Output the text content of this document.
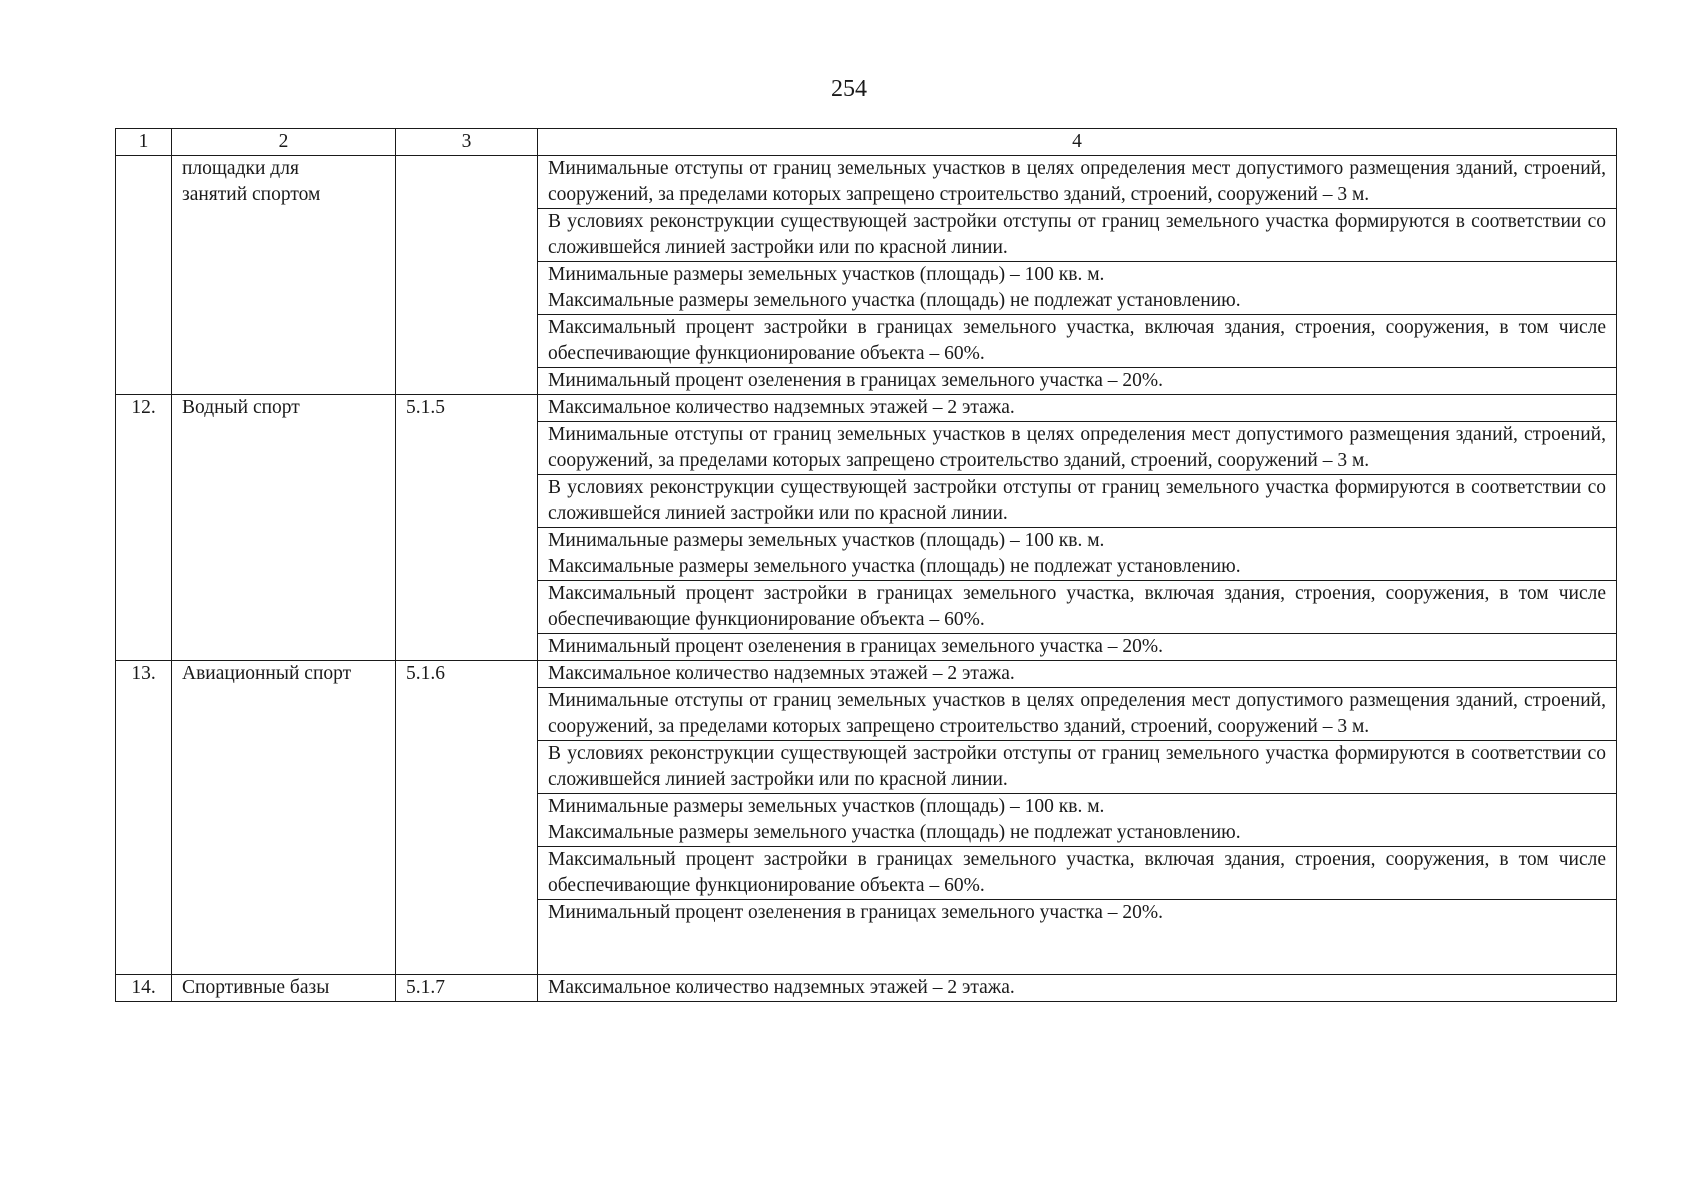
254
1	2	3	4

	площадки для
занятий спортом		Минимальные отступы от границ земельных участков в целях определения мест допустимого размещения зданий, строений, сооружений, за пределами которых запрещено строительство зданий, строений, сооружений – 3 м.
			В условиях реконструкции существующей застройки отступы от границ земельного участка формируются в соответствии со сложившейся линией застройки или по красной линии.

			Минимальные размеры земельных участков (площадь) – 100 кв. м.
Максимальные размеры земельного участка (площадь) не подлежат установлению.

			Максимальный процент застройки в границах земельного участка, включая здания, строения, сооружения, в том числе обеспечивающие функционирование объекта – 60%.
			Минимальный процент озеленения в границах земельного участка – 20%.
12.	Водный спорт	5.1.5	Максимальное количество надземных этажей – 2 этажа.
			Минимальные отступы от границ земельных участков в целях определения мест допустимого размещения зданий, строений, сооружений, за пределами которых запрещено строительство зданий, строений, сооружений – 3 м.
			В условиях реконструкции существующей застройки отступы от границ земельного участка формируются в соответствии со сложившейся линией застройки или по красной линии.

			Минимальные размеры земельных участков (площадь) – 100 кв. м.
Максимальные размеры земельного участка (площадь) не подлежат установлению.

			Максимальный процент застройки в границах земельного участка, включая здания, строения, сооружения, в том числе обеспечивающие функционирование объекта – 60%.
			Минимальный процент озеленения в границах земельного участка – 20%.
13.	Авиационный спорт	5.1.6	Максимальное количество надземных этажей – 2 этажа.
			Минимальные отступы от границ земельных участков в целях определения мест допустимого размещения зданий, строений, сооружений, за пределами которых запрещено строительство зданий, строений, сооружений – 3 м.
			В условиях реконструкции существующей застройки отступы от границ земельного участка формируются в соответствии со сложившейся линией застройки или по красной линии.

			Минимальные размеры земельных участков (площадь) – 100 кв. м.
Максимальные размеры земельного участка (площадь) не подлежат установлению.

			Максимальный процент застройки в границах земельного участка, включая здания, строения, сооружения, в том числе обеспечивающие функционирование объекта – 60%.
			Минимальный процент озеленения в границах земельного участка – 20%.
14.	Спортивные базы	5.1.7	Максимальное количество надземных этажей – 2 этажа.
